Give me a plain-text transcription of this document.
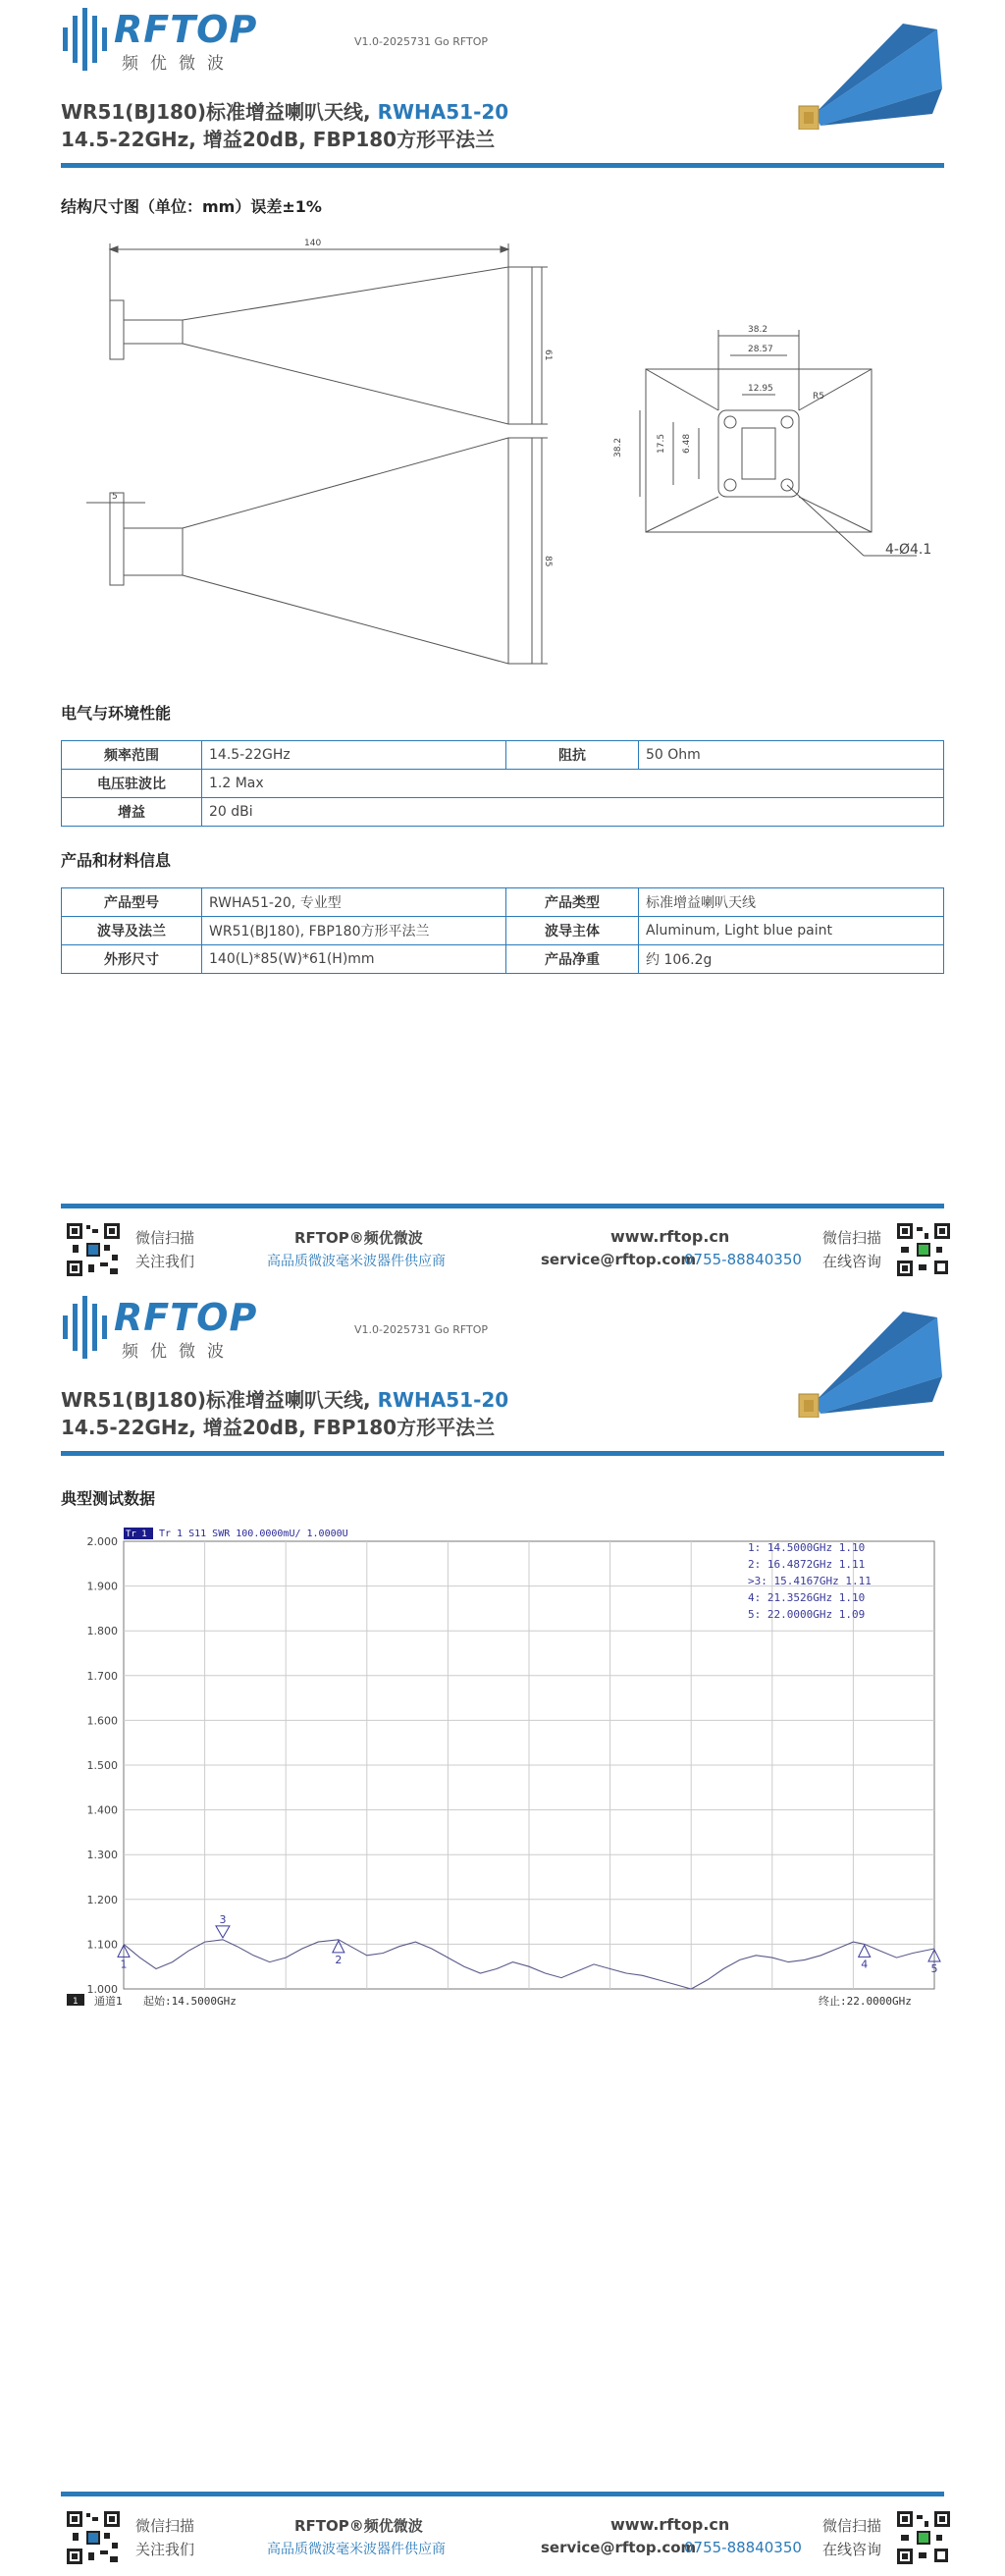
RFTOP
频优微波
V1.0-2025731 Go RFTOP
WR51(BJ180)标准增益喇叭天线, RWHA51-20
14.5-22GHz, 增益20dB, FBP180方形平法兰
结构尺寸图（单位：mm）误差±1%
140
61
5
85
38.2
28.57
12.95
38.2	17.5 6.48
R5
4-Ø4.1
电气与环境性能
频率范围	14.5-22GHz	阻抗	50 Ohm
电压驻波比	1.2 Max		
增益	20 dBi		
产品和材料信息
产品型号	RWHA51-20, 专业型	产品类型	标准增益喇叭天线
波导及法兰	WR51(BJ180), FBP180方形平法兰	波导主体	Aluminum, Light blue paint
外形尺寸	140(L)*85(W)*61(H)mm	产品净重	约 106.2g
微信扫描
关注我们
RFTOP®频优微波
高品质微波毫米波器件供应商
www.rftop.cn
service@rftop.com
0755-88840350
微信扫描
在线咨询
RFTOP
频优微波
V1.0-2025731 Go RFTOP
WR51(BJ180)标准增益喇叭天线, RWHA51-20
14.5-22GHz, 增益20dB, FBP180方形平法兰
典型测试数据
2.000
1.900
1.800
1.700
1.600
1.500
1.400
1.300
1.200
1.100
1.000
1	2
3
4	5
Tr 1 Tr 1 S11 SWR 100.0000mU/ 1.0000U
1: 14.5000GHz 1.10
2: 16.4872GHz 1.11
>3: 15.4167GHz 1.11
4: 21.3526GHz 1.10
5: 22.0000GHz 1.09
1 通道1 起始:14.5000GHz	终止:22.0000GHz
微信扫描
关注我们
RFTOP®频优微波
高品质微波毫米波器件供应商
www.rftop.cn
service@rftop.com
0755-88840350
微信扫描
在线咨询
